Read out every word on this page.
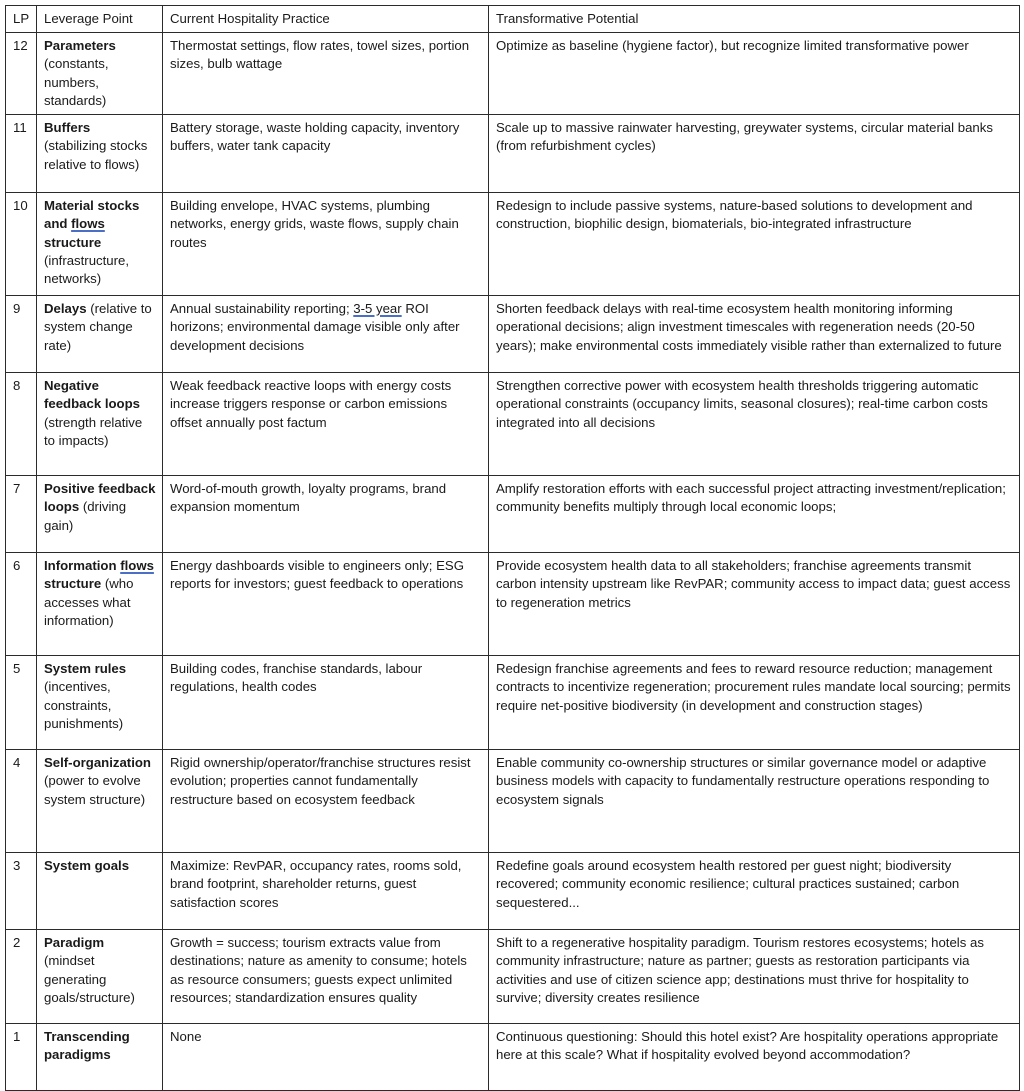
LP	Leverage Point	Current Hospitality Practice	Transformative Potential
12	Parameters (constants, numbers, standards)	Thermostat settings, flow rates, towel sizes, portion sizes, bulb wattage	Optimize as baseline (hygiene factor), but recognize limited transformative power
11	Buffers (stabilizing stocks relative to flows)	Battery storage, waste holding capacity, inventory buffers, water tank capacity	Scale up to massive rainwater harvesting, greywater systems, circular material banks (from refurbishment cycles)
10	Material stocks and flows structure (infrastructure, networks)	Building envelope, HVAC systems, plumbing networks, energy grids, waste flows, supply chain routes	Redesign to include passive systems, nature-based solutions to development and construction, biophilic design, biomaterials, bio-integrated infrastructure
9	Delays (relative to system change rate)	Annual sustainability reporting; 3-5 year ROI horizons; environmental damage visible only after development decisions	Shorten feedback delays with real-time ecosystem health monitoring informing operational decisions; align investment timescales with regeneration needs (20-50 years); make environmental costs immediately visible rather than externalized to future
8	Negative feedback loops (strength relative to impacts)	Weak feedback reactive loops with energy costs increase triggers response or carbon emissions offset annually post factum	Strengthen corrective power with ecosystem health thresholds triggering automatic operational constraints (occupancy limits, seasonal closures); real-time carbon costs integrated into all decisions
7	Positive feedback loops (driving gain)	Word-of-mouth growth, loyalty programs, brand expansion momentum	Amplify restoration efforts with each successful project attracting investment/replication; community benefits multiply through local economic loops;
6	Information flows structure (who accesses what information)	Energy dashboards visible to engineers only; ESG reports for investors; guest feedback to operations	Provide ecosystem health data to all stakeholders; franchise agreements transmit carbon intensity upstream like RevPAR; community access to impact data; guest access to regeneration metrics
5	System rules (incentives, constraints, punishments)	Building codes, franchise standards, labour regulations, health codes	Redesign franchise agreements and fees to reward resource reduction; management contracts to incentivize regeneration; procurement rules mandate local sourcing; permits require net-positive biodiversity (in development and construction stages)
4	Self-organization (power to evolve system structure)	Rigid ownership/operator/franchise structures resist evolution; properties cannot fundamentally restructure based on ecosystem feedback	Enable community co-ownership structures or similar governance model or adaptive business models with capacity to fundamentally restructure operations responding to ecosystem signals
3	System goals	Maximize: RevPAR, occupancy rates, rooms sold, brand footprint, shareholder returns, guest satisfaction scores	Redefine goals around ecosystem health restored per guest night; biodiversity recovered; community economic resilience; cultural practices sustained; carbon sequestered...
2	Paradigm (mindset generating goals/structure)	Growth = success; tourism extracts value from destinations; nature as amenity to consume; hotels as resource consumers; guests expect unlimited resources; standardization ensures quality	Shift to a regenerative hospitality paradigm. Tourism restores ecosystems; hotels as community infrastructure; nature as partner; guests as restoration participants via activities and use of citizen science app; destinations must thrive for hospitality to survive; diversity creates resilience
1	Transcending paradigms	None	Continuous questioning: Should this hotel exist? Are hospitality operations appropriate here at this scale? What if hospitality evolved beyond accommodation?
